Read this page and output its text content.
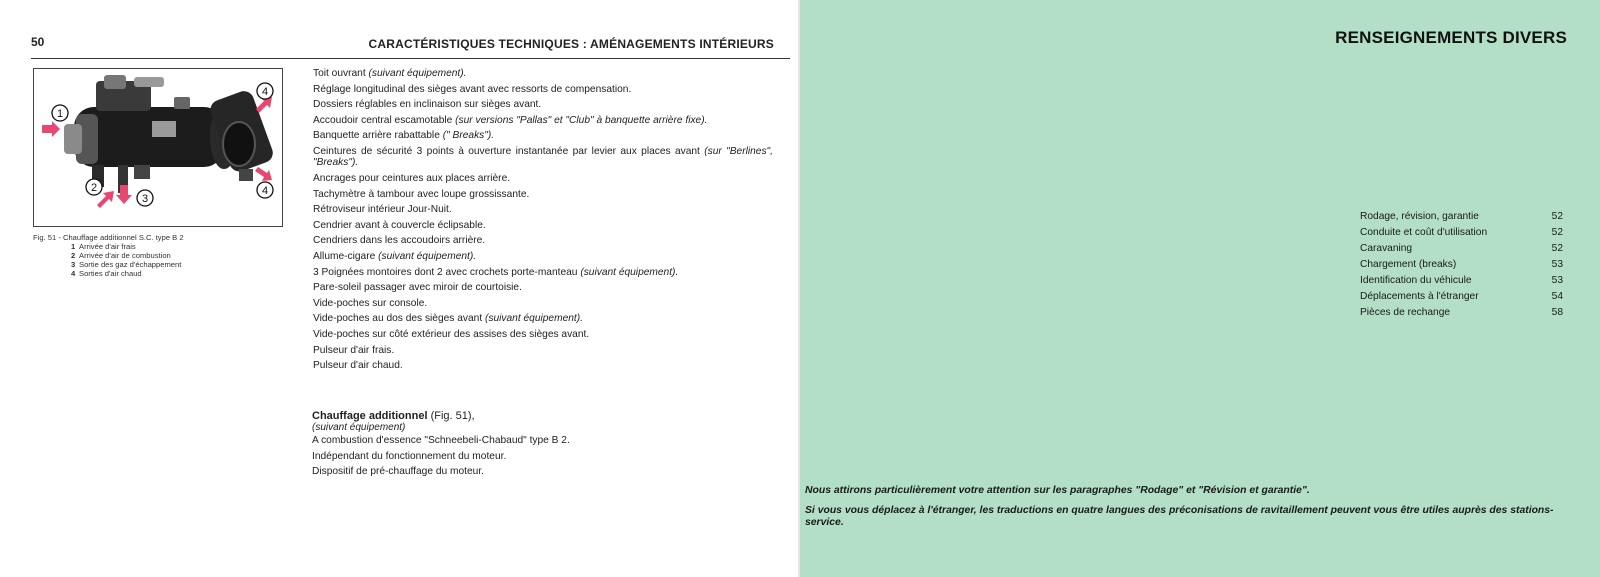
50	CARACTÉRISTIQUES TECHNIQUES : AMÉNAGEMENTS INTÉRIEURS
1
2
3
4
4
Fig. 51 - Chauffage additionnel S.C. type B 2
1 Arrivée d'air frais
2 Arrivée d'air de combustion
3 Sortie des gaz d'échappement
4 Sorties d'air chaud
Toit ouvrant (suivant équipement).
Réglage longitudinal des sièges avant avec ressorts de compensation.
Dossiers réglables en inclinaison sur sièges avant.
Accoudoir central escamotable (sur versions "Pallas" et "Club" à banquette arrière fixe).
Banquette arrière rabattable (" Breaks").
Ceintures de sécurité 3 points à ouverture instantanée par levier aux places avant (sur "Berlines", "Breaks").
Ancrages pour ceintures aux places arrière.
Tachymètre à tambour avec loupe grossissante.
Rétroviseur intérieur Jour-Nuit.
Cendrier avant à couvercle éclipsable.
Cendriers dans les accoudoirs arrière.
Allume-cigare (suivant équipement).
3 Poignées montoires dont 2 avec crochets porte-manteau (suivant équipement).
Pare-soleil passager avec miroir de courtoisie.
Vide-poches sur console.
Vide-poches au dos des sièges avant (suivant équipement).
Vide-poches sur côté extérieur des assises des sièges avant.
Pulseur d'air frais.
Pulseur d'air chaud.
Chauffage additionnel (Fig. 51),
(suivant équipement)
A combustion d'essence "Schneebeli-Chabaud" type B 2.
Indépendant du fonctionnement du moteur.
Dispositif de pré-chauffage du moteur.
RENSEIGNEMENTS DIVERS
Rodage, révision, garantie	52
Conduite et coût d'utilisation	52
Caravaning	52
Chargement (breaks)	53
Identification du véhicule	53
Déplacements à l'étranger	54
Pièces de rechange	58
Nous attirons particulièrement votre attention sur les paragraphes "Rodage" et "Révision et garantie".
Si vous vous déplacez à l'étranger, les traductions en quatre langues des préconisations de ravitaillement peuvent vous être utiles auprès des stations-service.
